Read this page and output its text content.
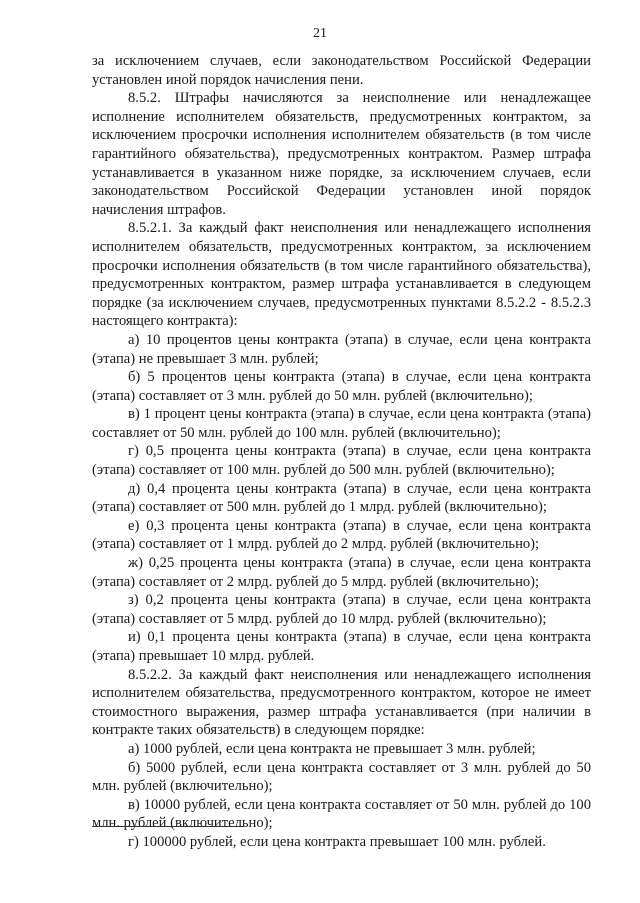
21

за исключением случаев, если законодательством Российской Федерации установлен иной порядок начисления пени.

8.5.2. Штрафы начисляются за неисполнение или ненадлежащее исполнение исполнителем обязательств, предусмотренных контрактом, за исключением просрочки исполнения исполнителем обязательств (в том числе гарантийного обязательства), предусмотренных контрактом. Размер штрафа устанавливается в указанном ниже порядке, за исключением случаев, если законодательством Российской Федерации установлен иной порядок начисления штрафов.

8.5.2.1. За каждый факт неисполнения или ненадлежащего исполнения исполнителем обязательств, предусмотренных контрактом, за исключением просрочки исполнения обязательств (в том числе гарантийного обязательства), предусмотренных контрактом, размер штрафа устанавливается в следующем порядке (за исключением случаев, предусмотренных пунктами 8.5.2.2 - 8.5.2.3 настоящего контракта):

а) 10 процентов цены контракта (этапа) в случае, если цена контракта (этапа) не превышает 3 млн. рублей;

б) 5 процентов цены контракта (этапа) в случае, если цена контракта (этапа) составляет от 3 млн. рублей до 50 млн. рублей (включительно);

в) 1 процент цены контракта (этапа) в случае, если цена контракта (этапа) составляет от 50 млн. рублей до 100 млн. рублей (включительно);

г) 0,5 процента цены контракта (этапа) в случае, если цена контракта (этапа) составляет от 100 млн. рублей до 500 млн. рублей (включительно);

д) 0,4 процента цены контракта (этапа) в случае, если цена контракта (этапа) составляет от 500 млн. рублей до 1 млрд. рублей (включительно);

е) 0,3 процента цены контракта (этапа) в случае, если цена контракта (этапа) составляет от 1 млрд. рублей до 2 млрд. рублей (включительно);

ж) 0,25 процента цены контракта (этапа) в случае, если цена контракта (этапа) составляет от 2 млрд. рублей до 5 млрд. рублей (включительно);

з) 0,2 процента цены контракта (этапа) в случае, если цена контракта (этапа) составляет от 5 млрд. рублей до 10 млрд. рублей (включительно);

и) 0,1 процента цены контракта (этапа) в случае, если цена контракта (этапа) превышает 10 млрд. рублей.

8.5.2.2. За каждый факт неисполнения или ненадлежащего исполнения исполнителем обязательства, предусмотренного контрактом, которое не имеет стоимостного выражения, размер штрафа устанавливается (при наличии в контракте таких обязательств) в следующем порядке:

а) 1000 рублей, если цена контракта не превышает 3 млн. рублей;

б) 5000 рублей, если цена контракта составляет от 3 млн. рублей до 50 млн. рублей (включительно);

в) 10000 рублей, если цена контракта составляет от 50 млн. рублей до 100 млн. рублей (включительно);

г) 100000 рублей, если цена контракта превышает 100 млн. рублей.
